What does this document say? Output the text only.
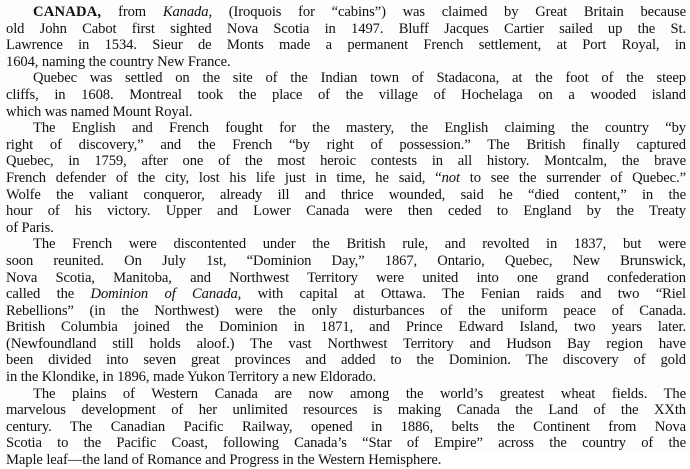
CANADA, from Kanada, (Iroquois for “cabins”) was claimed by Great Britain because
old John Cabot first sighted Nova Scotia in 1497. Bluff Jacques Cartier sailed up the St.
Lawrence in 1534. Sieur de Monts made a permanent French settlement, at Port Royal, in
1604, naming the country New France.
Quebec was settled on the site of the Indian town of Stadacona, at the foot of the steep
cliffs, in 1608. Montreal took the place of the village of Hochelaga on a wooded island
which was named Mount Royal.
The English and French fought for the mastery, the English claiming the country “by
right of discovery,” and the French “by right of possession.” The British finally captured
Quebec, in 1759, after one of the most heroic contests in all history. Montcalm, the brave
French defender of the city, lost his life just in time, he said, “not to see the surrender of Quebec.”
Wolfe the valiant conqueror, already ill and thrice wounded, said he “died content,” in the
hour of his victory. Upper and Lower Canada were then ceded to England by the Treaty
of Paris.
The French were discontented under the British rule, and revolted in 1837, but were
soon reunited. On July 1st, “Dominion Day,” 1867, Ontario, Quebec, New Brunswick,
Nova Scotia, Manitoba, and Northwest Territory were united into one grand confederation
called the Dominion of Canada, with capital at Ottawa. The Fenian raids and two “Riel
Rebellions” (in the Northwest) were the only disturbances of the uniform peace of Canada.
British Columbia joined the Dominion in 1871, and Prince Edward Island, two years later.
(Newfoundland still holds aloof.) The vast Northwest Territory and Hudson Bay region have
been divided into seven great provinces and added to the Dominion. The discovery of gold
in the Klondike, in 1896, made Yukon Territory a new Eldorado.
The plains of Western Canada are now among the world’s greatest wheat fields. The
marvelous development of her unlimited resources is making Canada the Land of the XXth
century. The Canadian Pacific Railway, opened in 1886, belts the Continent from Nova
Scotia to the Pacific Coast, following Canada’s “Star of Empire” across the country of the
Maple leaf—the land of Romance and Progress in the Western Hemisphere.
